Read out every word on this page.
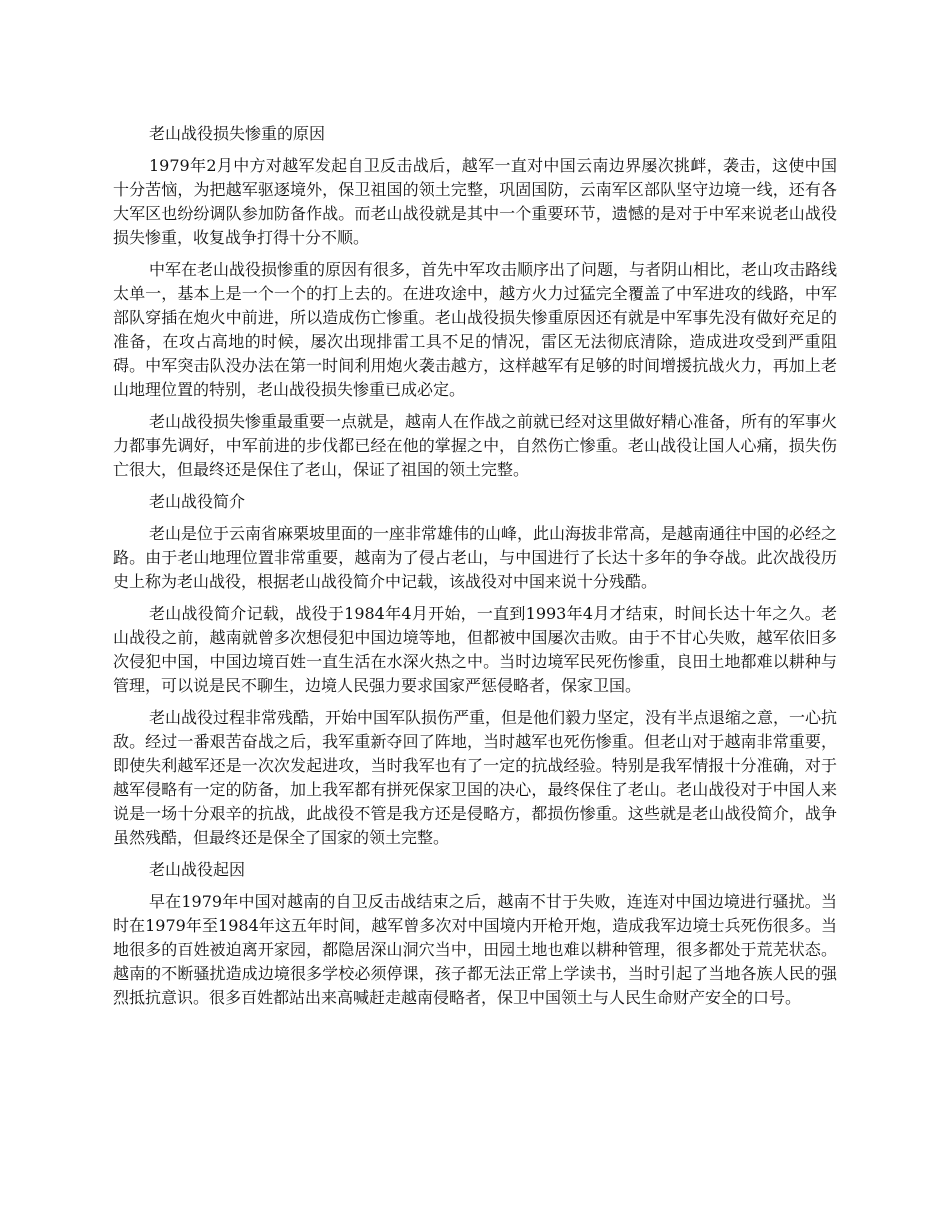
老山战役损失惨重的原因

1979年2月中方对越军发起自卫反击战后，越军一直对中国云南边界屡次挑衅，袭击，这使中国十分苦恼，为把越军驱逐境外，保卫祖国的领土完整，巩固国防，云南军区部队坚守边境一线，还有各大军区也纷纷调队参加防备作战。而老山战役就是其中一个重要环节，遗憾的是对于中军来说老山战役损失惨重，收复战争打得十分不顺。

中军在老山战役损惨重的原因有很多，首先中军攻击顺序出了问题，与者阴山相比，老山攻击路线太单一，基本上是一个一个的打上去的。在进攻途中，越方火力过猛完全覆盖了中军进攻的线路，中军部队穿插在炮火中前进，所以造成伤亡惨重。老山战役损失惨重原因还有就是中军事先没有做好充足的准备，在攻占高地的时候，屡次出现排雷工具不足的情况，雷区无法彻底清除，造成进攻受到严重阻碍。中军突击队没办法在第一时间利用炮火袭击越方，这样越军有足够的时间增援抗战火力，再加上老山地理位置的特别，老山战役损失惨重已成必定。

老山战役损失惨重最重要一点就是，越南人在作战之前就已经对这里做好精心准备，所有的军事火力都事先调好，中军前进的步伐都已经在他的掌握之中，自然伤亡惨重。老山战役让国人心痛，损失伤亡很大，但最终还是保住了老山，保证了祖国的领土完整。

老山战役简介

老山是位于云南省麻栗坡里面的一座非常雄伟的山峰，此山海拔非常高，是越南通往中国的必经之路。由于老山地理位置非常重要，越南为了侵占老山，与中国进行了长达十多年的争夺战。此次战役历史上称为老山战役，根据老山战役简介中记载，该战役对中国来说十分残酷。

老山战役简介记载，战役于1984年4月开始，一直到1993年4月才结束，时间长达十年之久。老山战役之前，越南就曾多次想侵犯中国边境等地，但都被中国屡次击败。由于不甘心失败，越军依旧多次侵犯中国，中国边境百姓一直生活在水深火热之中。当时边境军民死伤惨重，良田土地都难以耕种与管理，可以说是民不聊生，边境人民强力要求国家严惩侵略者，保家卫国。

老山战役过程非常残酷，开始中国军队损伤严重，但是他们毅力坚定，没有半点退缩之意，一心抗敌。经过一番艰苦奋战之后，我军重新夺回了阵地，当时越军也死伤惨重。但老山对于越南非常重要，即使失利越军还是一次次发起进攻，当时我军也有了一定的抗战经验。特别是我军情报十分准确，对于越军侵略有一定的防备，加上我军都有拼死保家卫国的决心，最终保住了老山。老山战役对于中国人来说是一场十分艰辛的抗战，此战役不管是我方还是侵略方，都损伤惨重。这些就是老山战役简介，战争虽然残酷，但最终还是保全了国家的领土完整。

老山战役起因

早在1979年中国对越南的自卫反击战结束之后，越南不甘于失败，连连对中国边境进行骚扰。当时在1979年至1984年这五年时间，越军曾多次对中国境内开枪开炮，造成我军边境士兵死伤很多。当地很多的百姓被迫离开家园，都隐居深山洞穴当中，田园土地也难以耕种管理，很多都处于荒芜状态。越南的不断骚扰造成边境很多学校必须停课，孩子都无法正常上学读书，当时引起了当地各族人民的强烈抵抗意识。很多百姓都站出来高喊赶走越南侵略者，保卫中国领土与人民生命财产安全的口号。
